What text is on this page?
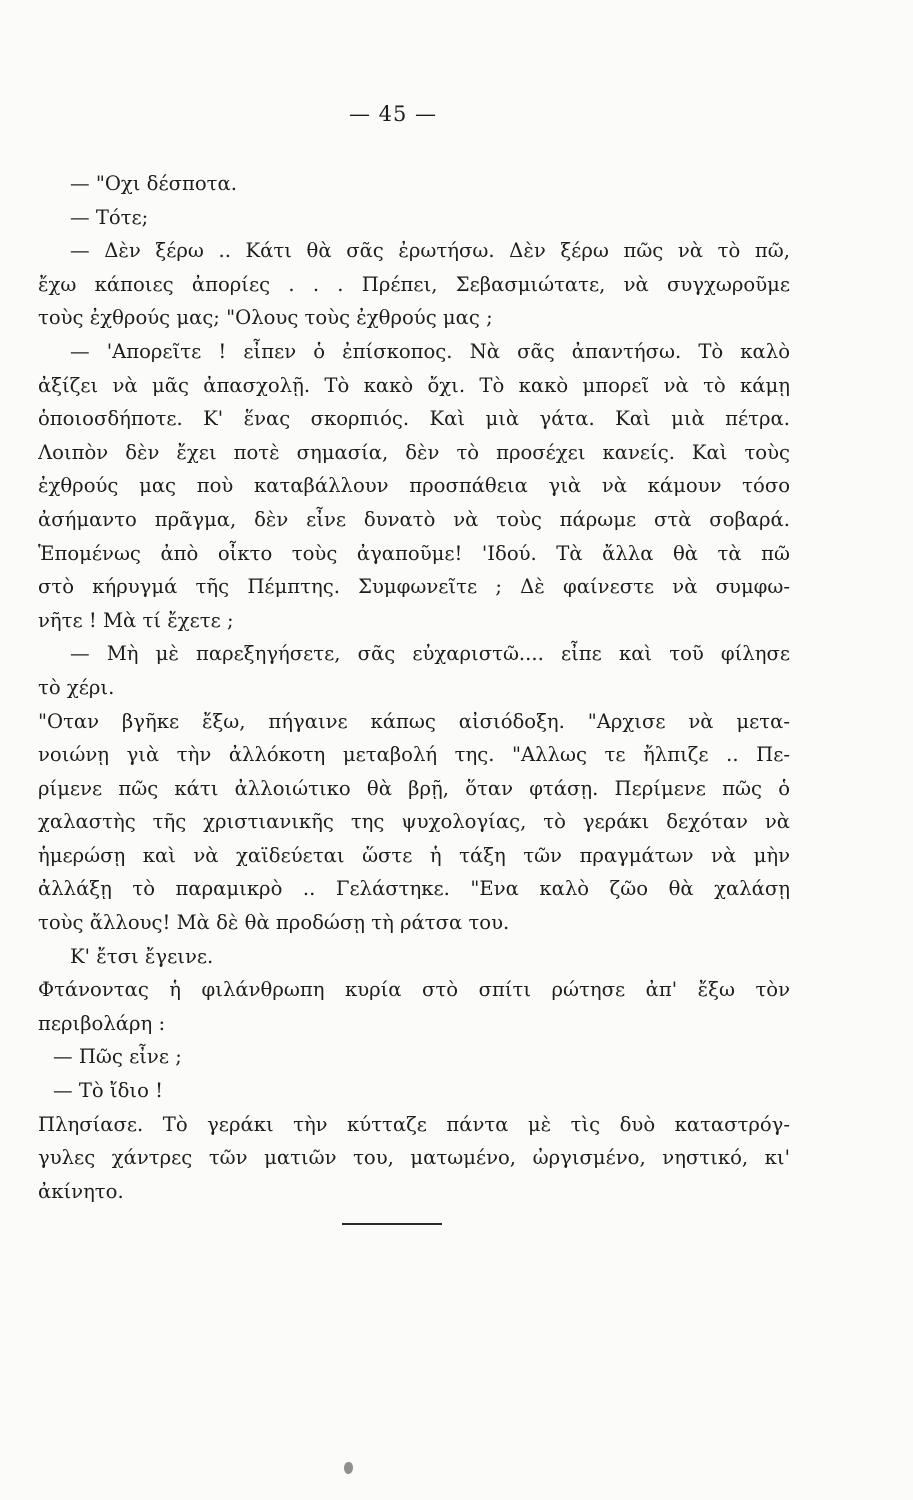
— 45 —
— "Οχι δέσποτα.
— Τότε;
— Δὲν ξέρω .. Κάτι θὰ σᾶς ἐρωτήσω. Δὲν ξέρω πῶς νὰ τὸ πῶ,
ἔχω κάποιες ἀπορίες . . . Πρέπει, Σεβασμιώτατε, νὰ συγχωροῦμε
τοὺς ἐχθρούς μας; "Ολους τοὺς ἐχθρούς μας ;
— 'Απορεῖτε ! εἶπεν ὁ ἐπίσκοπος. Νὰ σᾶς ἀπαντήσω. Τὸ καλὸ
ἀξίζει νὰ μᾶς ἀπασχολῇ. Τὸ κακὸ ὄχι. Τὸ κακὸ μπορεῖ νὰ τὸ κάμῃ
ὁποιοσδήποτε. Κ' ἕνας σκορπιός. Καὶ μιὰ γάτα. Καὶ μιὰ πέτρα.
Λοιπὸν δὲν ἔχει ποτὲ σημασία, δὲν τὸ προσέχει κανείς. Καὶ τοὺς
ἐχθρούς μας ποὺ καταβάλλουν προσπάθεια γιὰ νὰ κάμουν τόσο
ἀσήμαντο πρᾶγμα, δὲν εἶνε δυνατὸ νὰ τοὺς πάρωμε στὰ σοβαρά.
Ἑπομένως ἀπὸ οἶκτο τοὺς ἀγαποῦμε! 'Ιδού. Τὰ ἄλλα θὰ τὰ πῶ
στὸ κήρυγμά τῆς Πέμπτης. Συμφωνεῖτε ; Δὲ φαίνεστε νὰ συμφω-
νῆτε ! Μὰ τί ἔχετε ;
— Μὴ μὲ παρεξηγήσετε, σᾶς εὐχαριστῶ.... εἶπε καὶ τοῦ φίλησε
τὸ χέρι.
"Οταν βγῆκε ἔξω, πήγαινε κάπως αἰσιόδοξη. "Αρχισε νὰ μετα-
νοιώνῃ γιὰ τὴν ἀλλόκοτη μεταβολή της. "Αλλως τε ἤλπιζε .. Πε-
ρίμενε πῶς κάτι ἀλλοιώτικο θὰ βρῇ, ὅταν φτάσῃ. Περίμενε πῶς ὁ
χαλαστὴς τῆς χριστιανικῆς της ψυχολογίας, τὸ γεράκι δεχόταν νὰ
ἡμερώσῃ καὶ νὰ χαϊδεύεται ὥστε ἡ τάξη τῶν πραγμάτων νὰ μὴν
ἀλλάξῃ τὸ παραμικρὸ .. Γελάστηκε. "Ενα καλὸ ζῶο θὰ χαλάσῃ
τοὺς ἄλλους! Μὰ δὲ θὰ προδώσῃ τὴ ράτσα του.
Κ' ἔτσι ἔγεινε.
Φτάνοντας ἡ φιλάνθρωπη κυρία στὸ σπίτι ρώτησε ἀπ' ἔξω τὸν
περιβολάρη :
— Πῶς εἶνε ;
— Τὸ ἴδιο !
Πλησίασε. Τὸ γεράκι τὴν κύτταζε πάντα μὲ τὶς δυὸ καταστρόγ-
γυλες χάντρες τῶν ματιῶν του, ματωμένο, ὠργισμένο, νηστικό, κι'
ἀκίνητο.
